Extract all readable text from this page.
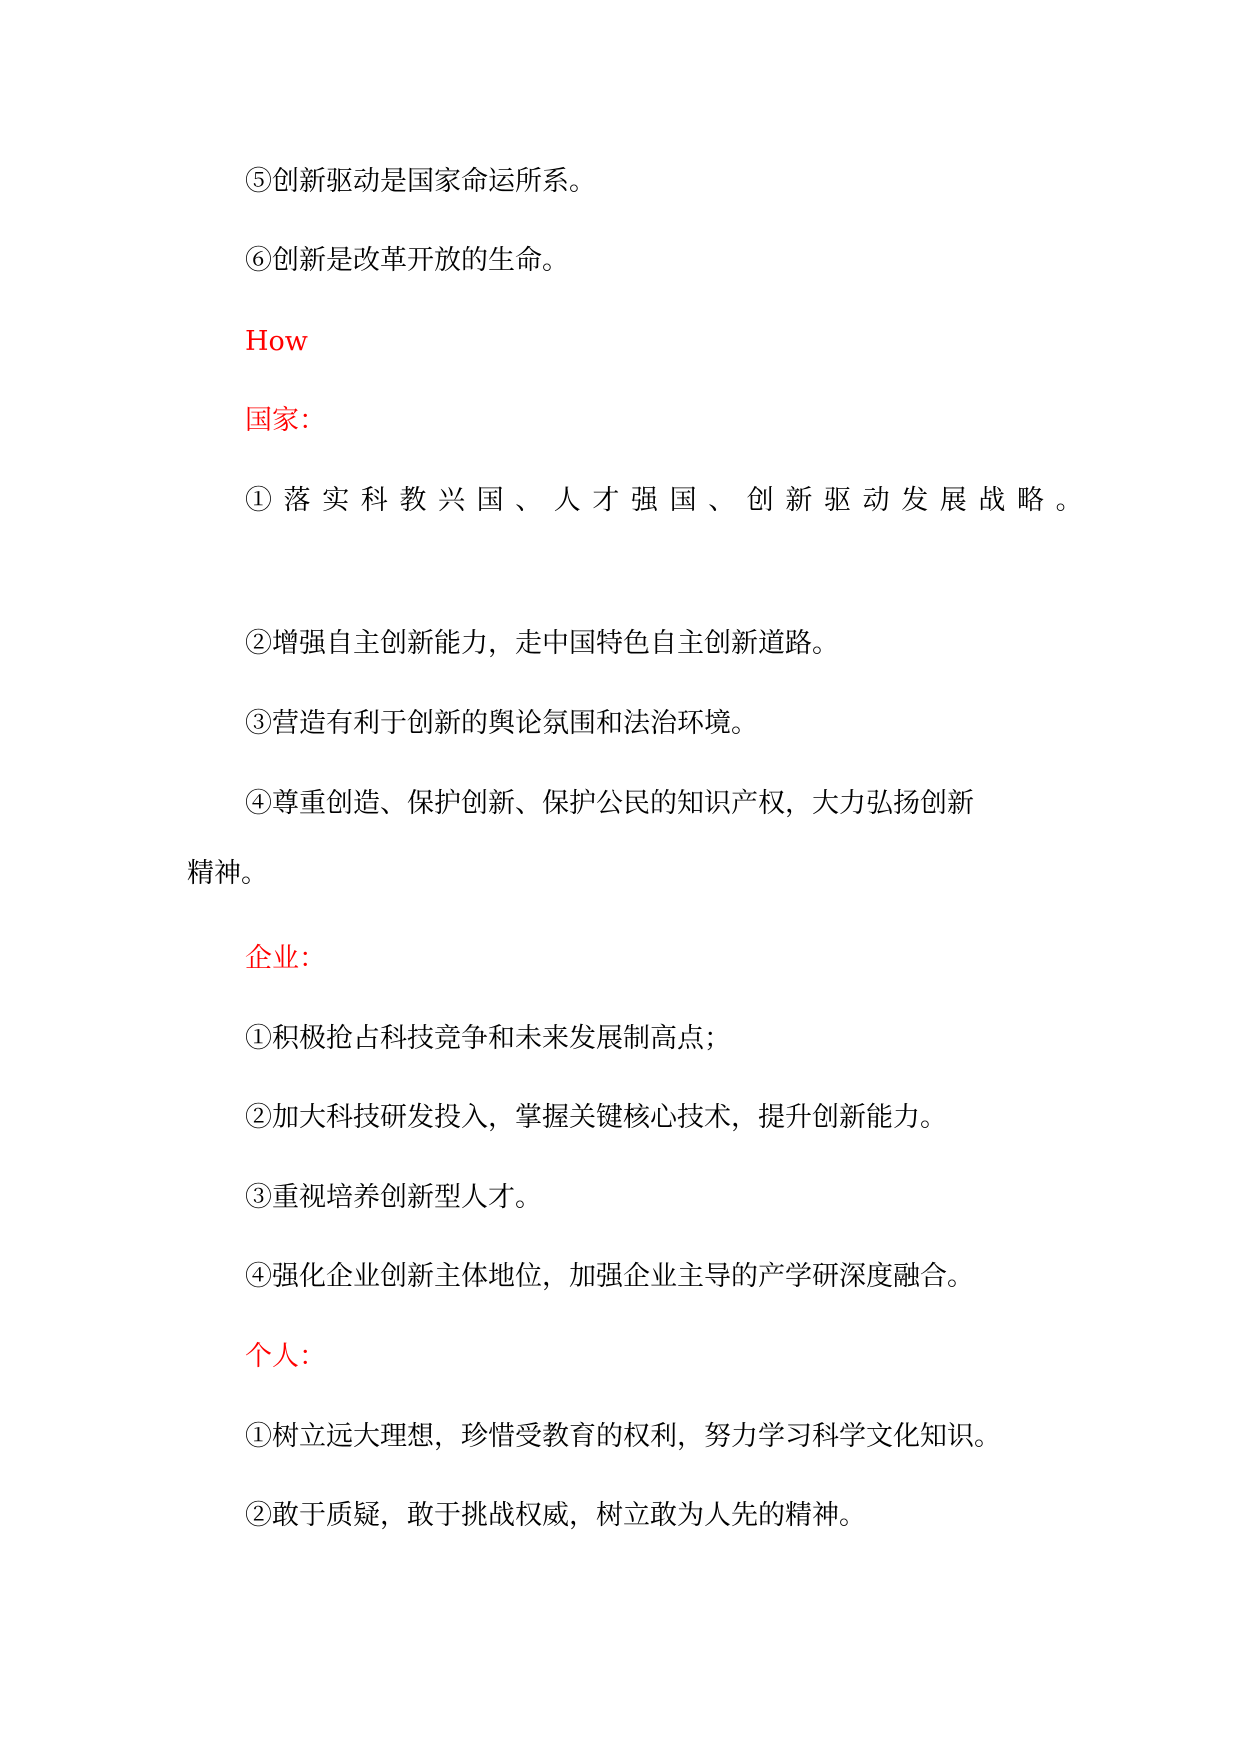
⑤创新驱动是国家命运所系。

⑥创新是改革开放的生命。

How

国家：

①落实科教兴国、人才强国、创新驱动发展战略。

②增强自主创新能力，走中国特色自主创新道路。

③营造有利于创新的舆论氛围和法治环境。

④尊重创造、保护创新、保护公民的知识产权，大力弘扬创新

精神。

企业：

①积极抢占科技竞争和未来发展制高点；

②加大科技研发投入，掌握关键核心技术，提升创新能力。

③重视培养创新型人才。

④强化企业创新主体地位，加强企业主导的产学研深度融合。

个人：

①树立远大理想，珍惜受教育的权利，努力学习科学文化知识。

②敢于质疑，敢于挑战权威，树立敢为人先的精神。
